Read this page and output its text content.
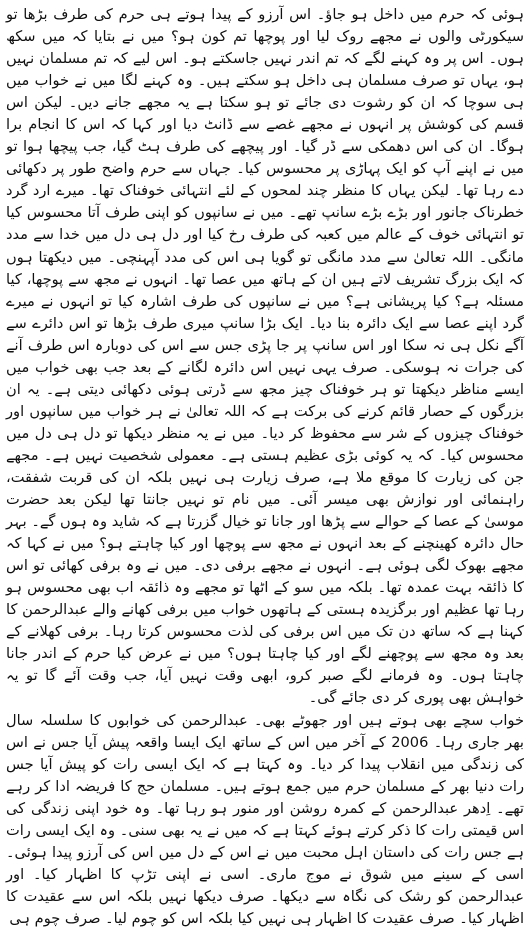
ہوئی کہ حرم میں داخل ہو جاؤ۔ اس آرزو کے پیدا ہوتے ہی حرم کی طرف بڑھا تو سیکورٹی والوں نے مجھے روک لیا اور پوچھا تم کون ہو؟ میں نے بتایا کہ میں سکھ ہوں۔ اس پر وہ کہنے لگے کہ تم اندر نہیں جاسکتے ہو۔ اس لیے کہ تم مسلمان نہیں ہو، یہاں تو صرف مسلمان ہی داخل ہو سکتے ہیں۔ وہ کہنے لگا میں نے خواب میں ہی سوچا کہ ان کو رشوت دی جائے تو ہو سکتا ہے یہ مجھے جانے دیں۔ لیکن اس قسم کی کوشش پر انہوں نے مجھے غصے سے ڈانٹ دیا اور کہا کہ اس کا انجام برا ہوگا۔ ان کی اس دھمکی سے ڈر گیا۔ اور پیچھے کی طرف ہٹ گیا، جب پیچھا ہوا تو میں نے اپنے آپ کو ایک پہاڑی پر محسوس کیا۔ جہاں سے حرم واضح طور پر دکھائی دے رہا تھا۔ لیکن یہاں کا منظر چند لمحوں کے لئے انتہائی خوفناک تھا۔ میرے ارد گرد خطرناک جانور اور بڑے بڑے سانپ تھے۔ میں نے سانپوں کو اپنی طرف آتا محسوس کیا تو انتہائی خوف کے عالم میں کعبہ کی طرف رخ کیا اور دل ہی دل میں خدا سے مدد مانگی۔ اللہ تعالیٰ سے مدد مانگی تو گویا ہی اس کی مدد آپہنچی۔ میں دیکھتا ہوں کہ ایک بزرگ تشریف لاتے ہیں ان کے ہاتھ میں عصا تھا۔ انہوں نے مجھ سے پوچھا، کیا مسئلہ ہے؟ کیا پریشانی ہے؟ میں نے سانپوں کی طرف اشارہ کیا تو انہوں نے میرے گرد اپنے عصا سے ایک دائرہ بنا دیا۔ ایک بڑا سانپ میری طرف بڑھا تو اس دائرے سے آگے نکل ہی نہ سکا اور اس سانپ پر جا پڑی جس سے اس کی دوبارہ اس طرف آنے کی جرات نہ ہوسکی۔ صرف یہی نہیں اس دائرہ لگانے کے بعد جب بھی خواب میں ایسے مناظر دیکھتا تو ہر خوفناک چیز مجھ سے ڈرتی ہوئی دکھائی دیتی ہے۔ یہ ان بزرگوں کے حصار قائم کرنے کی برکت ہے کہ اللہ تعالیٰ نے ہر خواب میں سانپوں اور خوفناک چیزوں کے شر سے محفوظ کر دیا۔ میں نے یہ منظر دیکھا تو دل ہی دل میں محسوس کیا۔ کہ یہ کوئی بڑی عظیم ہستی ہے۔ معمولی شخصیت نہیں ہے۔ مجھے جن کی زیارت کا موقع ملا ہے، صرف زیارت ہی نہیں بلکہ ان کی قربت شفقت، راہنمائی اور نوازش بھی میسر آئی۔ میں نام تو نہیں جانتا تھا لیکن بعد حضرت موسیٰ کے عصا کے حوالے سے پڑھا اور جانا تو خیال گزرتا ہے کہ شاید وہ ہوں گے۔ بہر حال دائرہ کھینچنے کے بعد انہوں نے مجھ سے پوچھا اور کیا چاہتے ہو؟ میں نے کہا کہ مجھے بھوک لگی ہوئی ہے۔ انہوں نے مجھے برفی دی۔ میں نے وہ برفی کھائی تو اس کا ذائقہ بہت عمدہ تھا۔ بلکہ میں سو کے اٹھا تو مجھے وہ ذائقہ اب بھی محسوس ہو رہا تھا عظیم اور برگزیدہ ہستی کے ہاتھوں خواب میں برفی کھانے والے عبدالرحمن کا کہنا ہے کہ ساتھ دن تک میں اس برفی کی لذت محسوس کرتا رہا۔ برفی کھلانے کے بعد وہ مجھ سے پوچھنے لگے اور کیا چاہتا ہوں؟ میں نے عرض کیا حرم کے اندر جانا چاہتا ہوں۔ وہ فرمانے لگے صبر کرو، ابھی وقت نہیں آیا، جب وقت آئے گا تو یہ خواہش بھی پوری کر دی جائے گی۔

خواب سچے بھی ہوتے ہیں اور جھوٹے بھی۔ عبدالرحمن کی خوابوں کا سلسلہ سال بھر جاری رہا۔ 2006 کے آخر میں اس کے ساتھ ایک ایسا واقعہ پیش آیا جس نے اس کی زندگی میں انقلاب پیدا کر دیا۔ وہ کہتا ہے کہ ایک ایسی رات کو پیش آیا جس رات دنیا بھر کے مسلمان حرم میں جمع ہوتے ہیں۔ مسلمان حج کا فریضہ ادا کر رہے تھے۔ اِدھر عبدالرحمن کے کمرہ روشن اور منور ہو رہا تھا۔ وہ خود اپنی زندگی کی اس قیمتی رات کا ذکر کرتے ہوئے کہتا ہے کہ میں نے یہ بھی سنی۔ وہ ایک ایسی رات ہے جس رات کی داستان اہل محبت میں نے اس کے دل میں اس کی آرزو پیدا ہوئی۔ اسی کے سینے میں شوق نے موج ماری۔ اسی نے اپنی تڑپ کا اظہار کیا۔ اور عبدالرحمن کو رشک کی نگاہ سے دیکھا۔ صرف دیکھا نہیں بلکہ اس سے عقیدت کا اظہار کیا۔ صرف عقیدت کا اظہار ہی نہیں کیا بلکہ اس کو چوم لیا۔ صرف چوم ہی
